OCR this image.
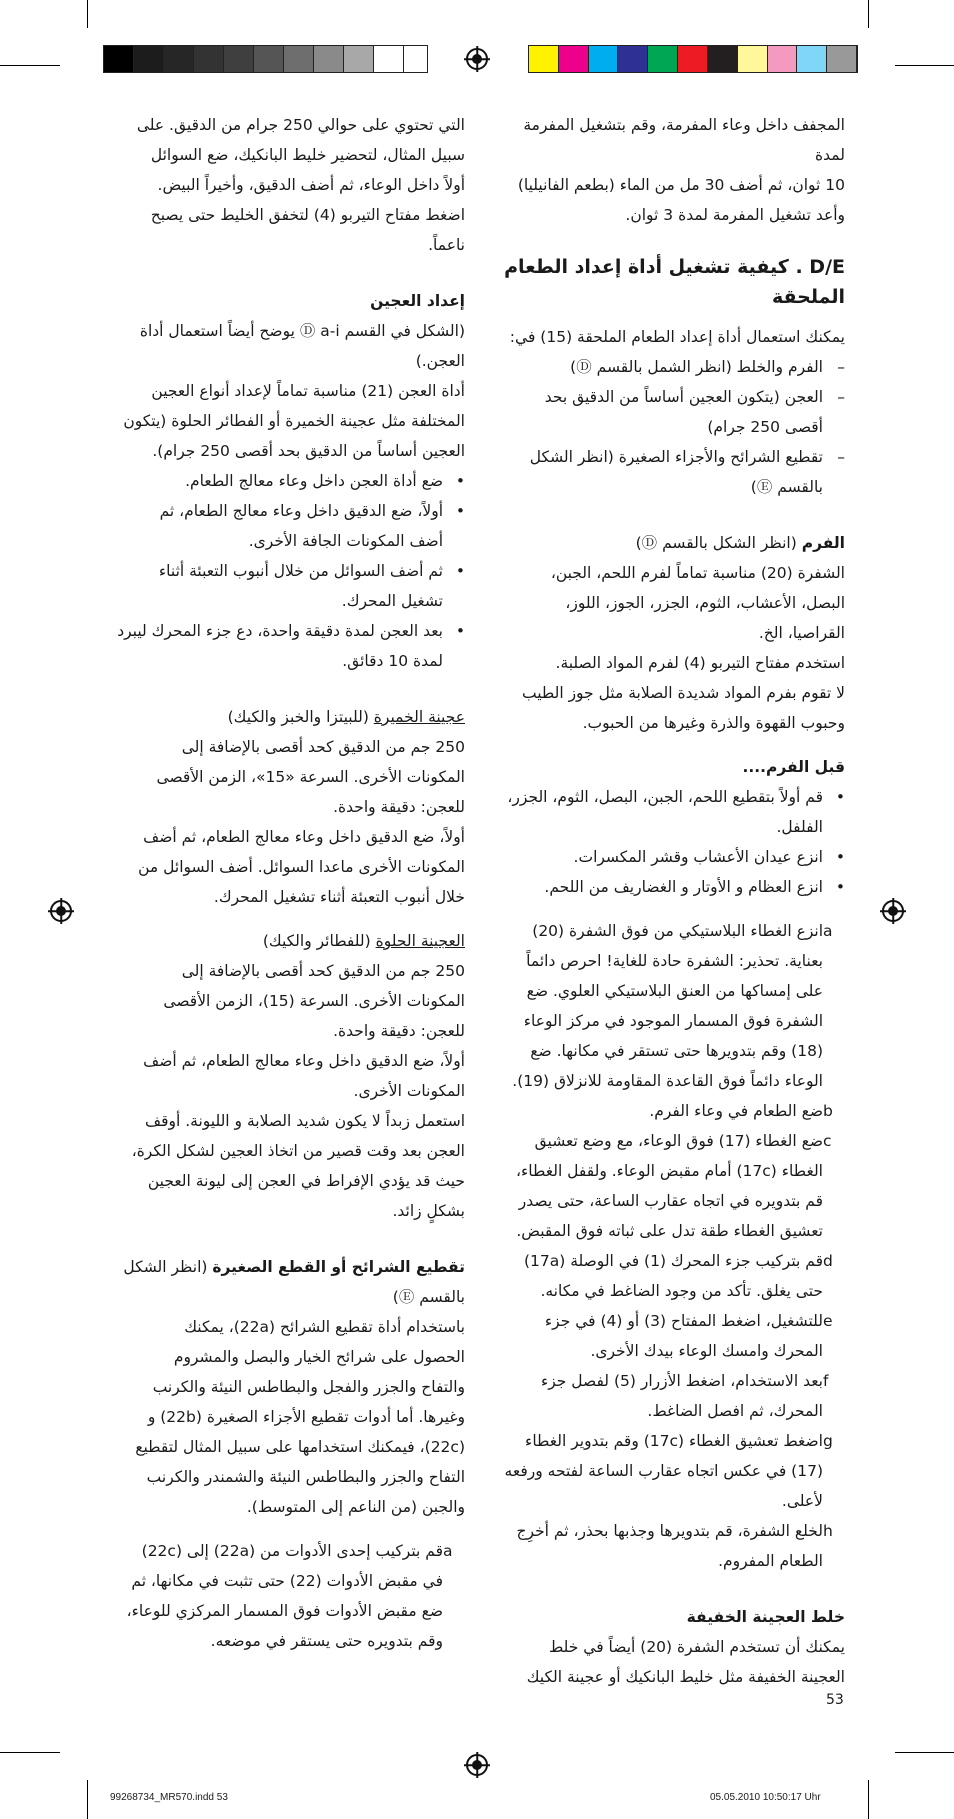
المجفف داخل وعاء المفرمة، وقم بتشغيل المفرمة لمدة

10 ثوان، ثم أضف 30 مل من الماء (بطعم الفانيليا)

وأعد تشغيل المفرمة لمدة 3 ثوان.

D/E . كيفية تشغيل أداة إعداد الطعام

الملحقة

يمكنك استعمال أداة إعداد الطعام الملحقة (15) في:

–

الفرم والخلط (انظر الشمل بالقسم Ⓓ)

–

العجن (يتكون العجين أساساً من الدقيق بحد

أقصى 250 جرام)

–

تقطيع الشرائح والأجزاء الصغيرة (انظر الشكل

بالقسم Ⓔ)

الفرم (انظر الشكل بالقسم Ⓓ)

الشفرة (20) مناسبة تماماً لفرم اللحم، الجبن،

البصل، الأعشاب، الثوم، الجزر، الجوز، اللوز،

القراصيا، الخ.

استخدم مفتاح التيربو (4) لفرم المواد الصلبة.

لا تقوم بفرم المواد شديدة الصلابة مثل جوز الطيب

وحبوب القهوة والذرة وغيرها من الحبوب.

قبل الفرم....

•

قم أولاً بتقطيع اللحم، الجبن، البصل، الثوم، الجزر،

الفلفل.

•

انزع عيدان الأعشاب وقشر المكسرات.

•

انزع العظام و الأوتار و الغضاريف من اللحم.

a

انزع الغطاء البلاستيكي من فوق الشفرة (20)

بعناية. تحذير: الشفرة حادة للغاية! احرص دائماً

على إمساكها من العنق البلاستيكي العلوي. ضع

الشفرة فوق المسمار الموجود في مركز الوعاء

(18) وقم بتدويرها حتى تستقر في مكانها. ضع

الوعاء دائماً فوق القاعدة المقاومة للانزلاق (19).

b

ضع الطعام في وعاء الفرم.

c

ضع الغطاء (17) فوق الوعاء، مع وضع تعشيق

الغطاء (17c) أمام مقبض الوعاء. ولقفل الغطاء،

قم بتدويره في اتجاه عقارب الساعة، حتى يصدر

تعشيق الغطاء طقة تدل على ثباته فوق المقبض.

d

قم بتركيب جزء المحرك (1) في الوصلة (17a)

حتى يغلق. تأكد من وجود الضاغط في مكانه.

e

للتشغيل، اضغط المفتاح (3) أو (4) في جزء

المحرك وامسك الوعاء بيدك الأخرى.

f

بعد الاستخدام، اضغط الأزرار (5) لفصل جزء

المحرك، ثم افصل الضاغط.

g

اضغط تعشيق الغطاء (17c) وقم بتدوير الغطاء

(17) في عكس اتجاه عقارب الساعة لفتحه ورفعه

لأعلى.

h

لخلع الشفرة، قم بتدويرها وجذبها بحذر، ثم أخرِج

الطعام المفروم.

خلط العجينة الخفيفة

يمكنك أن تستخدم الشفرة (20) أيضاً في خلط

العجينة الخفيفة مثل خليط البانكيك أو عجينة الكيك

التي تحتوي على حوالي 250 جرام من الدقيق. على

سبيل المثال، لتحضير خليط البانكيك، ضع السوائل

أولاً داخل الوعاء، ثم أضف الدقيق، وأخيراً البيض.

اضغط مفتاح التيربو (4) لتخفق الخليط حتى يصبح

ناعماً.

إعداد العجين

(الشكل في القسم Ⓓ a-i يوضح أيضاً استعمال أداة

العجن.)

أداة العجن (21) مناسبة تماماً لإعداد أنواع العجين

المختلفة مثل عجينة الخميرة أو الفطائر الحلوة (يتكون

العجين أساساً من الدقيق بحد أقصى 250 جرام).

•

ضع أداة العجن داخل وعاء معالج الطعام.

•

أولاً، ضع الدقيق داخل وعاء معالج الطعام، ثم

أضف المكونات الجافة الأخرى.

•

ثم أضف السوائل من خلال أنبوب التعبئة أثناء

تشغيل المحرك.

•

بعد العجن لمدة دقيقة واحدة، دع جزء المحرك ليبرد

لمدة 10 دقائق.

عجينة الخميرة (للبيتزا والخبز والكيك)

250 جم من الدقيق كحد أقصى بالإضافة إلى

المكونات الأخرى. السرعة «15»، الزمن الأقصى

للعجن: دقيقة واحدة.

أولاً، ضع الدقيق داخل وعاء معالج الطعام، ثم أضف

المكونات الأخرى ماعدا السوائل. أضف السوائل من

خلال أنبوب التعبئة أثناء تشغيل المحرك.

العجينة الحلوة (للفطائر والكيك)

250 جم من الدقيق كحد أقصى بالإضافة إلى

المكونات الأخرى. السرعة (15)، الزمن الأقصى

للعجن: دقيقة واحدة.

أولاً، ضع الدقيق داخل وعاء معالج الطعام، ثم أضف

المكونات الأخرى.

استعمل زبداً لا يكون شديد الصلابة و الليونة. أوقف

العجن بعد وقت قصير من اتخاذ العجين لشكل الكرة،

حيث قد يؤدي الإفراط في العجن إلى ليونة العجين

بشكلٍ زائد.

تقطيع الشرائح أو القطع الصغيرة (انظر الشكل

بالقسم Ⓔ)

باستخدام أداة تقطيع الشرائح (22a)، يمكنك

الحصول على شرائح الخيار والبصل والمشروم

والتفاح والجزر والفجل والبطاطس النيئة والكرنب

وغيرها. أما أدوات تقطيع الأجزاء الصغيرة (22b) و

(22c)، فيمكنك استخدامها على سبيل المثال لتقطيع

التفاح والجزر والبطاطس النيئة والشمندر والكرنب

والجبن (من الناعم إلى المتوسط).

a

قم بتركيب إحدى الأدوات من (22a) إلى (22c)

في مقبض الأدوات (22) حتى تثبت في مكانها، ثم

ضع مقبض الأدوات فوق المسمار المركزي للوعاء،

وقم بتدويره حتى يستقر في موضعه.

53
99268734_MR570.indd 53	05.05.2010 10:50:17 Uhr
